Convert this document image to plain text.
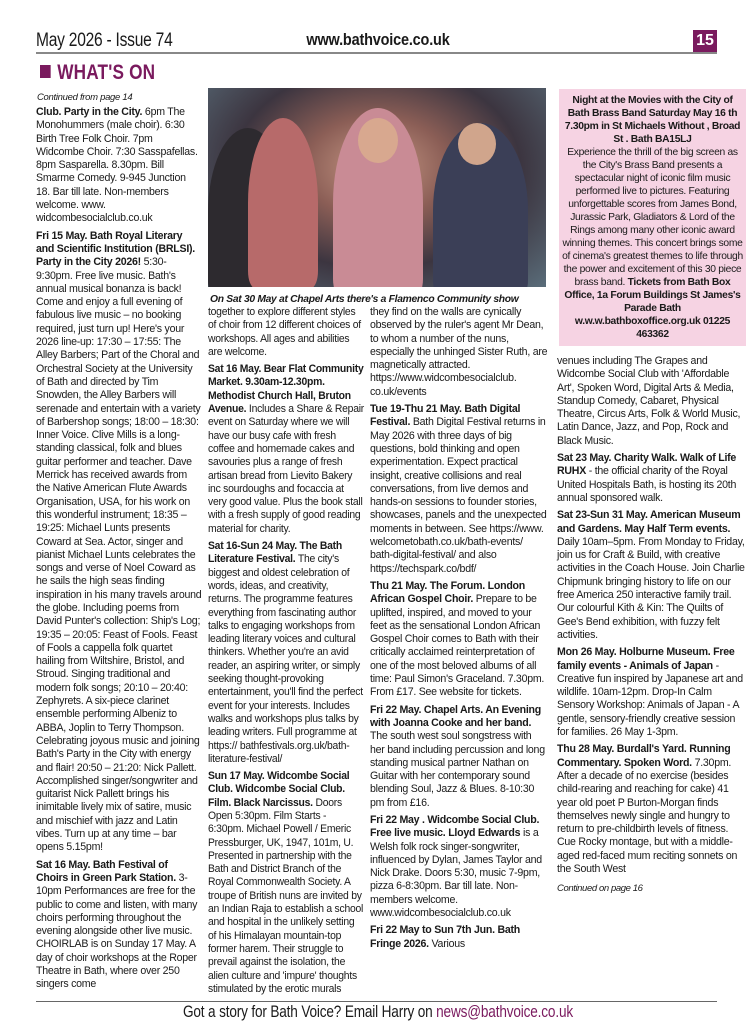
May 2026 - Issue 74	www.bathvoice.co.uk	15
WHAT'S ON
Continued from page 14
On Sat 30 May at Chapel Arts there's a Flamenco Community show

Club. Party in the City. 6pm The Monohummers (male choir). 6:30 Birth Tree Folk Choir. 7pm Widcombe Choir. 7:30 Sasspafellas. 8pm Sasparella. 8.30pm. Bill Smarme Comedy. 9-945 Junction 18. Bar till late. Non-members welcome. www. widcombesocialclub.co.uk

Fri 15 May. Bath Royal Literary and Scientific Institution (BRLSI). Party in the City 2026! 5:30-9:30pm. Free live music. Bath's annual musical bonanza is back! Come and enjoy a full evening of fabulous live music – no booking required, just turn up! Here's your 2026 line-up: 17:30 – 17:55: The Alley Barbers; Part of the Choral and Orchestral Society at the University of Bath and directed by Tim Snowden, the Alley Barbers will serenade and entertain with a variety of Barbershop songs; 18:00 – 18:30: Inner Voice. Clive Mills is a long-standing classical, folk and blues guitar performer and teacher. Dave Merrick has received awards from the Native American Flute Awards Organisation, USA, for his work on this wonderful instrument; 18:35 – 19:25: Michael Lunts presents Coward at Sea. Actor, singer and pianist Michael Lunts celebrates the songs and verse of Noel Coward as he sails the high seas finding inspiration in his many travels around the globe. Including poems from David Punter's collection: Ship's Log; 19:35 – 20:05: Feast of Fools. Feast of Fools a cappella folk quartet hailing from Wiltshire, Bristol, and Stroud. Singing traditional and modern folk songs; 20:10 – 20:40: Zephyrets. A six-piece clarinet ensemble performing Albeniz to ABBA, Joplin to Terry Thompson. Celebrating joyous music and joining Bath's Party in the City with energy and flair! 20:50 – 21:20: Nick Pallett. Accomplished singer/songwriter and guitarist Nick Pallett brings his inimitable lively mix of satire, music and mischief with jazz and Latin vibes. Turn up at any time – bar opens 5.15pm!

Sat 16 May. Bath Festival of Choirs in Green Park Station. 3-10pm Performances are free for the public to come and listen, with many choirs performing throughout the evening alongside other live music. CHOIRLAB is on Sunday 17 May. A day of choir workshops at the Roper Theatre in Bath, where over 250 singers come

together to explore different styles of choir from 12 different choices of workshops. All ages and abilities are welcome.

Sat 16 May. Bear Flat Community Market. 9.30am-12.30pm. Methodist Church Hall, Bruton Avenue. Includes a Share & Repair event on Saturday where we will have our busy cafe with fresh coffee and homemade cakes and savouries plus a range of fresh artisan bread from Lievito Bakery inc sourdoughs and focaccia at very good value. Plus the book stall with a fresh supply of good reading material for charity.

Sat 16-Sun 24 May. The Bath Literature Festival. The city's biggest and oldest celebration of words, ideas, and creativity, returns. The programme features everything from fascinating author talks to engaging workshops from leading literary voices and cultural thinkers. Whether you're an avid reader, an aspiring writer, or simply seeking thought-provoking entertainment, you'll find the perfect event for your interests. Includes walks and workshops plus talks by leading writers. Full programme at https:// bathfestivals.org.uk/bath-literature-festival/

Sun 17 May. Widcombe Social Club. Widcombe Social Club. Film. Black Narcissus. Doors Open 5:30pm. Film Starts - 6:30pm. Michael Powell / Emeric Pressburger, UK, 1947, 101m, U. Presented in partnership with the Bath and District Branch of the Royal Commonwealth Society. A troupe of British nuns are invited by an Indian Raja to establish a school and hospital in the unlikely setting of his Himalayan mountain-top former harem. Their struggle to prevail against the isolation, the alien culture and 'impure' thoughts stimulated by the erotic murals

they find on the walls are cynically observed by the ruler's agent Mr Dean, to whom a number of the nuns, especially the unhinged Sister Ruth, are magnetically attracted. https://www.widcombesocialclub. co.uk/events

Tue 19-Thu 21 May. Bath Digital Festival. Bath Digital Festival returns in May 2026 with three days of big questions, bold thinking and open experimentation. Expect practical insight, creative collisions and real conversations, from live demos and hands-on sessions to founder stories, showcases, panels and the unexpected moments in between. See https://www. welcometobath.co.uk/bath-events/ bath-digital-festival/ and also https://techspark.co/bdf/

Thu 21 May. The Forum. London African Gospel Choir. Prepare to be uplifted, inspired, and moved to your feet as the sensational London African Gospel Choir comes to Bath with their critically acclaimed reinterpretation of one of the most beloved albums of all time: Paul Simon's Graceland. 7.30pm. From £17. See website for tickets.

Fri 22 May. Chapel Arts. An Evening with Joanna Cooke and her band. The south west soul songstress with her band including percussion and long standing musical partner Nathan on Guitar with her contemporary sound blending Soul, Jazz & Blues. 8-10:30 pm from £16.

Fri 22 May . Widcombe Social Club. Free live music. Lloyd Edwards is a Welsh folk rock singer-songwriter, influenced by Dylan, James Taylor and Nick Drake. Doors 5:30, music 7-9pm, pizza 6-8:30pm. Bar till late. Non-members welcome. www.widcombesocialclub.co.uk

Fri 22 May to Sun 7th Jun. Bath Fringe 2026. Various

Night at the Movies with the City of Bath Brass Band Saturday May 16 th 7.30pm in St Michaels Without , Broad St . Bath BA15LJ
Experience the thrill of the big screen as the City's Brass Band presents a spectacular night of iconic film music performed live to pictures. Featuring unforgettable scores from James Bond, Jurassic Park, Gladiators & Lord of the Rings among many other iconic award winning themes. This concert brings some of cinema's greatest themes to life through the power and excitement of this 30 piece brass band. Tickets from Bath Box Office, 1a Forum Buildings St James's Parade Bath w.w.w.bathboxoffice.org.uk 01225 463362

venues including The Grapes and Widcombe Social Club with 'Affordable Art', Spoken Word, Digital Arts & Media, Standup Comedy, Cabaret, Physical Theatre, Circus Arts, Folk & World Music, Latin Dance, Jazz, and Pop, Rock and Black Music.

Sat 23 May. Charity Walk. Walk of Life RUHX - the official charity of the Royal United Hospitals Bath, is hosting its 20th annual sponsored walk.

Sat 23-Sun 31 May. American Museum and Gardens. May Half Term events. Daily 10am–5pm. From Monday to Friday, join us for Craft & Build, with creative activities in the Coach House. Join Charlie Chipmunk bringing history to life on our free America 250 interactive family trail. Our colourful Kith & Kin: The Quilts of Gee's Bend exhibition, with fuzzy felt activities.

Mon 26 May. Holburne Museum. Free family events - Animals of Japan - Creative fun inspired by Japanese art and wildlife. 10am-12pm. Drop-In Calm Sensory Workshop: Animals of Japan - A gentle, sensory-friendly creative session for families. 26 May 1-3pm.

Thu 28 May. Burdall's Yard. Running Commentary. Spoken Word. 7.30pm. After a decade of no exercise (besides child-rearing and reaching for cake) 41 year old poet P Burton-Morgan finds themselves newly single and hungry to return to pre-childbirth levels of fitness. Cue Rocky montage, but with a middle-aged red-faced mum reciting sonnets on the South West

Continued on page 16
Got a story for Bath Voice? Email Harry on news@bathvoice.co.uk
